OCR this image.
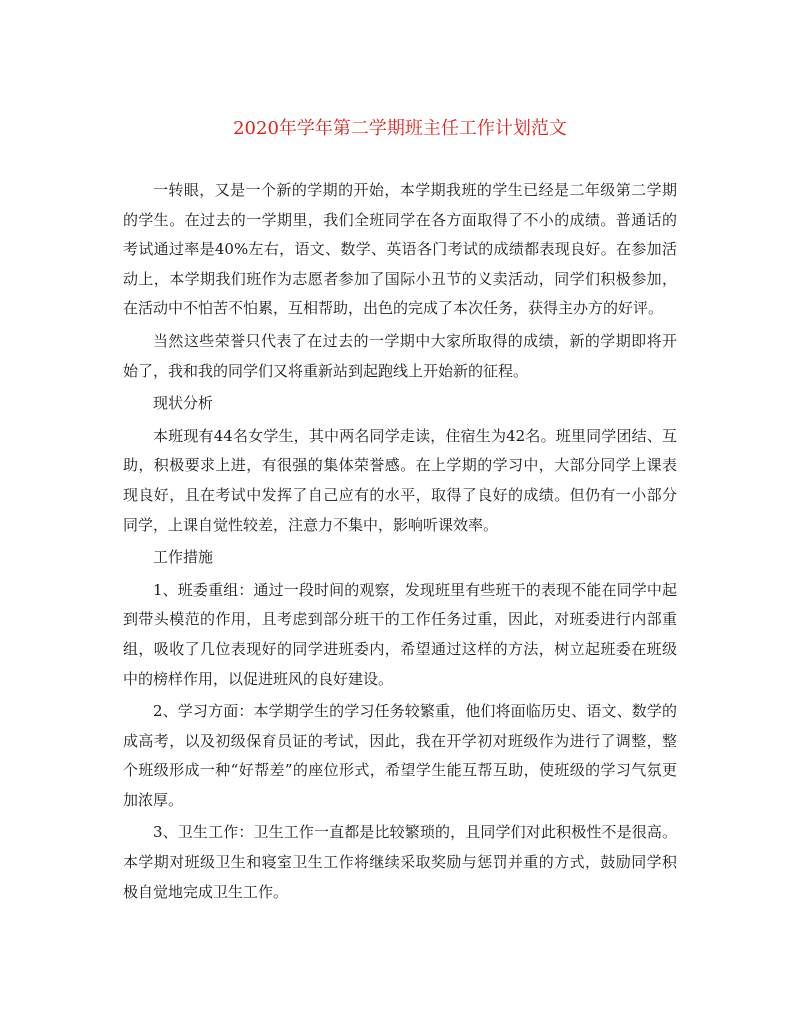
2020年学年第二学期班主任工作计划范文

一转眼，又是一个新的学期的开始，本学期我班的学生已经是二年级第二学期的学生。在过去的一学期里，我们全班同学在各方面取得了不小的成绩。普通话的考试通过率是40%左右，语文、数学、英语各门考试的成绩都表现良好。在参加活动上，本学期我们班作为志愿者参加了国际小丑节的义卖活动，同学们积极参加，在活动中不怕苦不怕累，互相帮助，出色的完成了本次任务，获得主办方的好评。

当然这些荣誉只代表了在过去的一学期中大家所取得的成绩，新的学期即将开始了，我和我的同学们又将重新站到起跑线上开始新的征程。

现状分析

本班现有44名女学生，其中两名同学走读，住宿生为42名。班里同学团结、互助，积极要求上进，有很强的集体荣誉感。在上学期的学习中，大部分同学上课表现良好，且在考试中发挥了自己应有的水平，取得了良好的成绩。但仍有一小部分同学，上课自觉性较差，注意力不集中，影响听课效率。

工作措施

1、班委重组：通过一段时间的观察，发现班里有些班干的表现不能在同学中起到带头模范的作用，且考虑到部分班干的工作任务过重，因此，对班委进行内部重组，吸收了几位表现好的同学进班委内，希望通过这样的方法，树立起班委在班级中的榜样作用，以促进班风的良好建设。

2、学习方面：本学期学生的学习任务较繁重，他们将面临历史、语文、数学的成高考，以及初级保育员证的考试，因此，我在开学初对班级作为进行了调整，整个班级形成一种“好帮差”的座位形式，希望学生能互帮互助，使班级的学习气氛更加浓厚。

3、卫生工作：卫生工作一直都是比较繁琐的，且同学们对此积极性不是很高。本学期对班级卫生和寝室卫生工作将继续采取奖励与惩罚并重的方式，鼓励同学积极自觉地完成卫生工作。
